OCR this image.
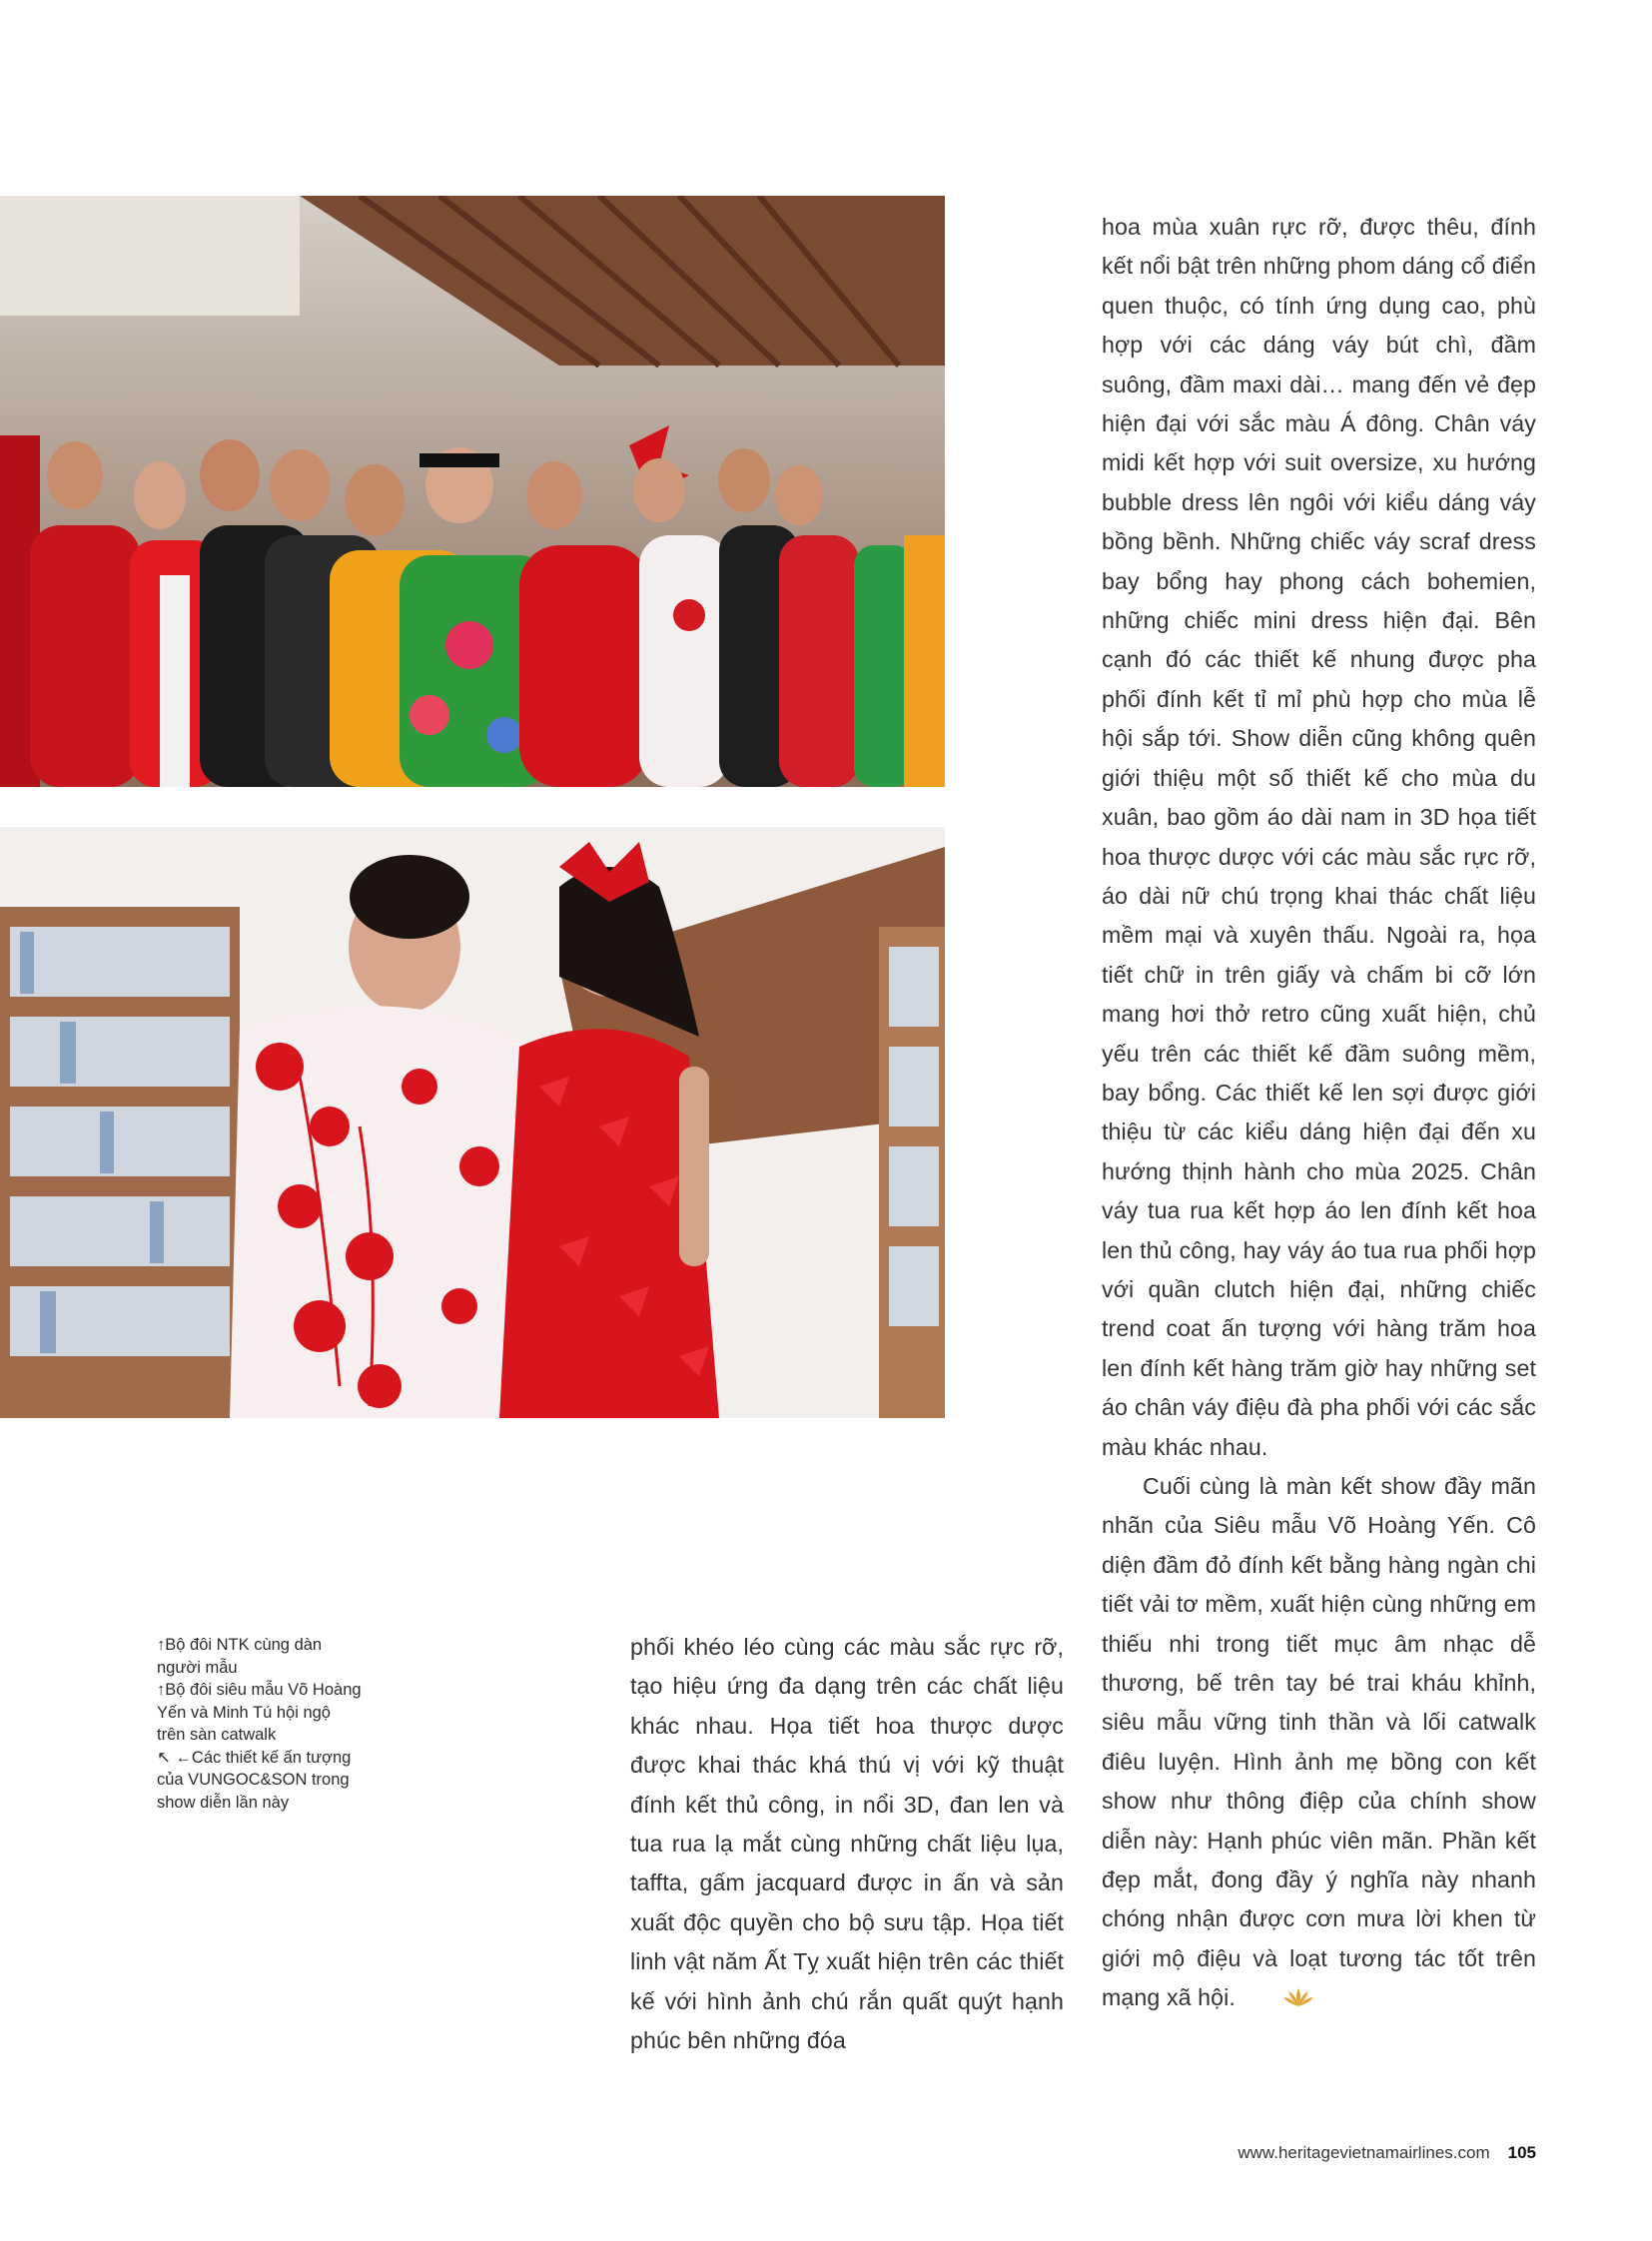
↑Bộ đôi NTK cùng dàn người mẫu

↑Bộ đôi siêu mẫu Võ Hoàng Yến và Minh Tú hội ngộ trên sàn catwalk

↖ ←Các thiết kế ấn tượng của VUNGOC&SON trong show diễn lần này

phối khéo léo cùng các màu sắc rực rỡ, tạo hiệu ứng đa dạng trên các chất liệu khác nhau. Họa tiết hoa thược dược được khai thác khá thú vị với kỹ thuật đính kết thủ công, in nổi 3D, đan len và tua rua lạ mắt cùng những chất liệu lụa, taffta, gấm jacquard được in ấn và sản xuất độc quyền cho bộ sưu tập. Họa tiết linh vật năm Ất Tỵ xuất hiện trên các thiết kế với hình ảnh chú rắn quất quýt hạnh phúc bên những đóa

hoa mùa xuân rực rỡ, được thêu, đính kết nổi bật trên những phom dáng cổ điển quen thuộc, có tính ứng dụng cao, phù hợp với các dáng váy bút chì, đầm suông, đầm maxi dài… mang đến vẻ đẹp hiện đại với sắc màu Á đông. Chân váy midi kết hợp với suit oversize, xu hướng bubble dress lên ngôi với kiểu dáng váy bồng bềnh. Những chiếc váy scraf dress bay bổng hay phong cách bohemien, những chiếc mini dress hiện đại. Bên cạnh đó các thiết kế nhung được pha phối đính kết tỉ mỉ phù hợp cho mùa lễ hội sắp tới. Show diễn cũng không quên giới thiệu một số thiết kế cho mùa du xuân, bao gồm áo dài nam in 3D họa tiết hoa thược dược với các màu sắc rực rỡ, áo dài nữ chú trọng khai thác chất liệu mềm mại và xuyên thấu. Ngoài ra, họa tiết chữ in trên giấy và chấm bi cỡ lớn mang hơi thở retro cũng xuất hiện, chủ yếu trên các thiết kế đầm suông mềm, bay bổng. Các thiết kế len sợi được giới thiệu từ các kiểu dáng hiện đại đến xu hướng thịnh hành cho mùa 2025. Chân váy tua rua kết hợp áo len đính kết hoa len thủ công, hay váy áo tua rua phối hợp với quần clutch hiện đại, những chiếc trend coat ấn tượng với hàng trăm hoa len đính kết hàng trăm giờ hay những set áo chân váy điệu đà pha phối với các sắc màu khác nhau.

Cuối cùng là màn kết show đầy mãn nhãn của Siêu mẫu Võ Hoàng Yến. Cô diện đầm đỏ đính kết bằng hàng ngàn chi tiết vải tơ mềm, xuất hiện cùng những em thiếu nhi trong tiết mục âm nhạc dễ thương, bế trên tay bé trai kháu khỉnh, siêu mẫu vững tinh thần và lối catwalk điêu luyện. Hình ảnh mẹ bồng con kết show như thông điệp của chính show diễn này: Hạnh phúc viên mãn. Phần kết đẹp mắt, đong đầy ý nghĩa này nhanh chóng nhận được cơn mưa lời khen từ giới mộ điệu và loạt tương tác tốt trên mạng xã hội.

www.heritagevietnamairlines.com 105
